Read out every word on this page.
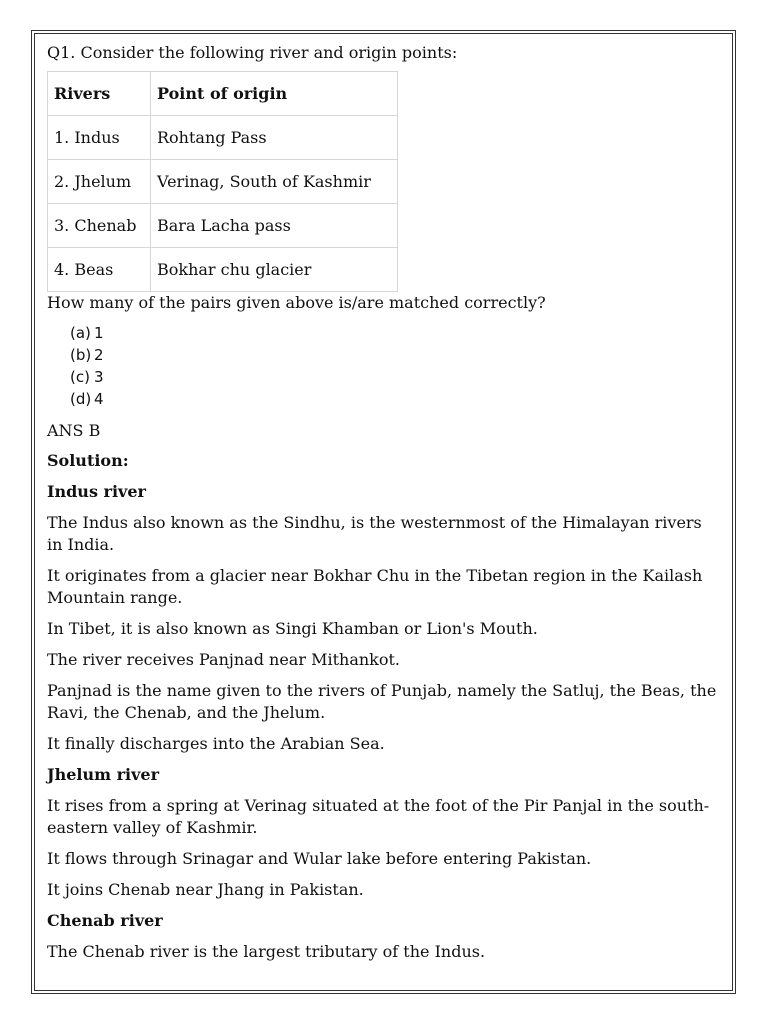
Q1. Consider the following river and origin points:
Rivers	Point of origin
1. Indus	Rohtang Pass
2. Jhelum	Verinag, South of Kashmir
3. Chenab	Bara Lacha pass
4. Beas	Bokhar chu glacier
How many of the pairs given above is/are matched correctly?
(a) 1
(b) 2
(c) 3
(d) 4
ANS B
Solution:
Indus river

The Indus also known as the Sindhu, is the westernmost of the Himalayan rivers in India.

It originates from a glacier near Bokhar Chu in the Tibetan region in the Kailash Mountain range.

In Tibet, it is also known as Singi Khamban or Lion's Mouth.

The river receives Panjnad near Mithankot.

Panjnad is the name given to the rivers of Punjab, namely the Satluj, the Beas, the Ravi, the Chenab, and the Jhelum.

It finally discharges into the Arabian Sea.

Jhelum river

It rises from a spring at Verinag situated at the foot of the Pir Panjal in the south-eastern valley of Kashmir.

It flows through Srinagar and Wular lake before entering Pakistan.

It joins Chenab near Jhang in Pakistan.

Chenab river

The Chenab river is the largest tributary of the Indus.
